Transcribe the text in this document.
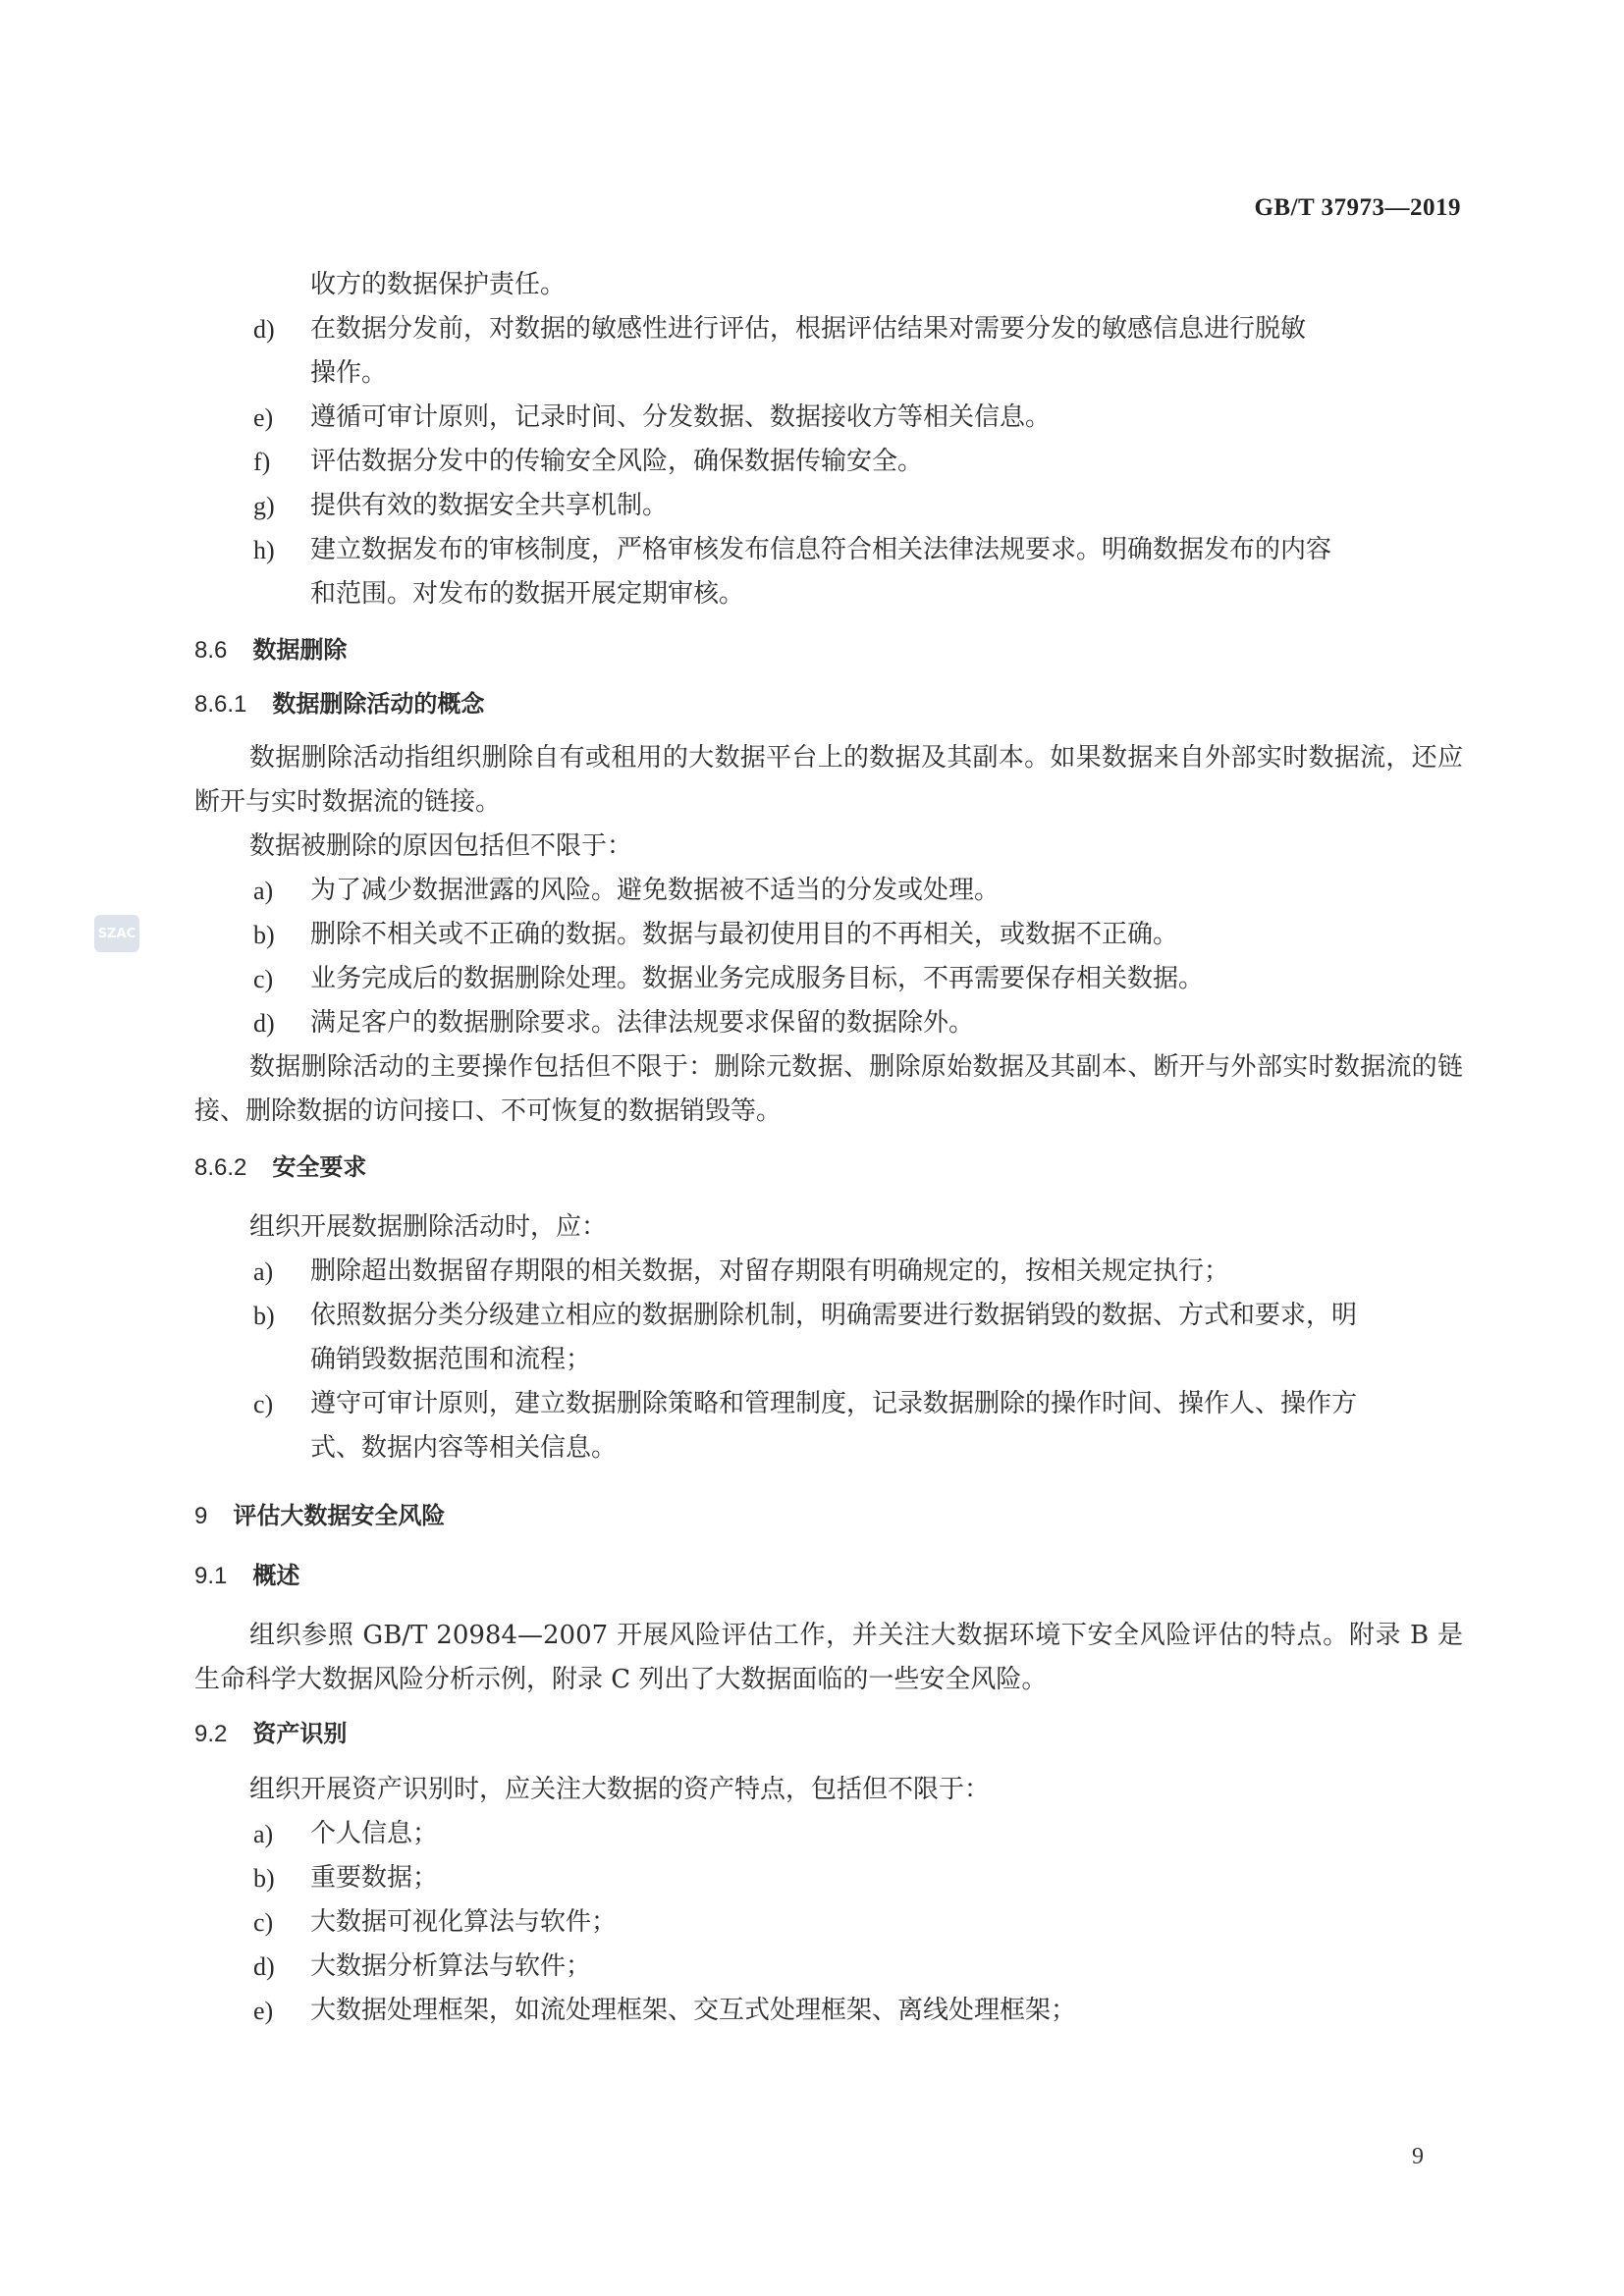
GB/T 37973—2019
SZAC

收方的数据保护责任。

d)	在数据分发前，对数据的敏感性进行评估，根据评估结果对需要分发的敏感信息进行脱敏
操作。
e)	遵循可审计原则，记录时间、分发数据、数据接收方等相关信息。
f)	评估数据分发中的传输安全风险，确保数据传输安全。
g)	提供有效的数据安全共享机制。
h)	建立数据发布的审核制度，严格审核发布信息符合相关法律法规要求。明确数据发布的内容
和范围。对发布的数据开展定期审核。
8.6 数据删除
8.6.1 数据删除活动的概念

数据删除活动指组织删除自有或租用的大数据平台上的数据及其副本。如果数据来自外部实时数据流，还应断开与实时数据流的链接。

数据被删除的原因包括但不限于：

a)	为了减少数据泄露的风险。避免数据被不适当的分发或处理。
b)	删除不相关或不正确的数据。数据与最初使用目的不再相关，或数据不正确。
c)	业务完成后的数据删除处理。数据业务完成服务目标，不再需要保存相关数据。
d)	满足客户的数据删除要求。法律法规要求保留的数据除外。

数据删除活动的主要操作包括但不限于：删除元数据、删除原始数据及其副本、断开与外部实时数据流的链接、删除数据的访问接口、不可恢复的数据销毁等。

8.6.2 安全要求

组织开展数据删除活动时，应：

a)	删除超出数据留存期限的相关数据，对留存期限有明确规定的，按相关规定执行；
b)	依照数据分类分级建立相应的数据删除机制，明确需要进行数据销毁的数据、方式和要求，明
确销毁数据范围和流程；
c)	遵守可审计原则，建立数据删除策略和管理制度，记录数据删除的操作时间、操作人、操作方
式、数据内容等相关信息。
9 评估大数据安全风险
9.1 概述

组织参照 GB/T 20984—2007 开展风险评估工作，并关注大数据环境下安全风险评估的特点。附录 B 是生命科学大数据风险分析示例，附录 C 列出了大数据面临的一些安全风险。

9.2 资产识别

组织开展资产识别时，应关注大数据的资产特点，包括但不限于：

a)	个人信息；
b)	重要数据；
c)	大数据可视化算法与软件；
d)	大数据分析算法与软件；
e)	大数据处理框架，如流处理框架、交互式处理框架、离线处理框架；
9
